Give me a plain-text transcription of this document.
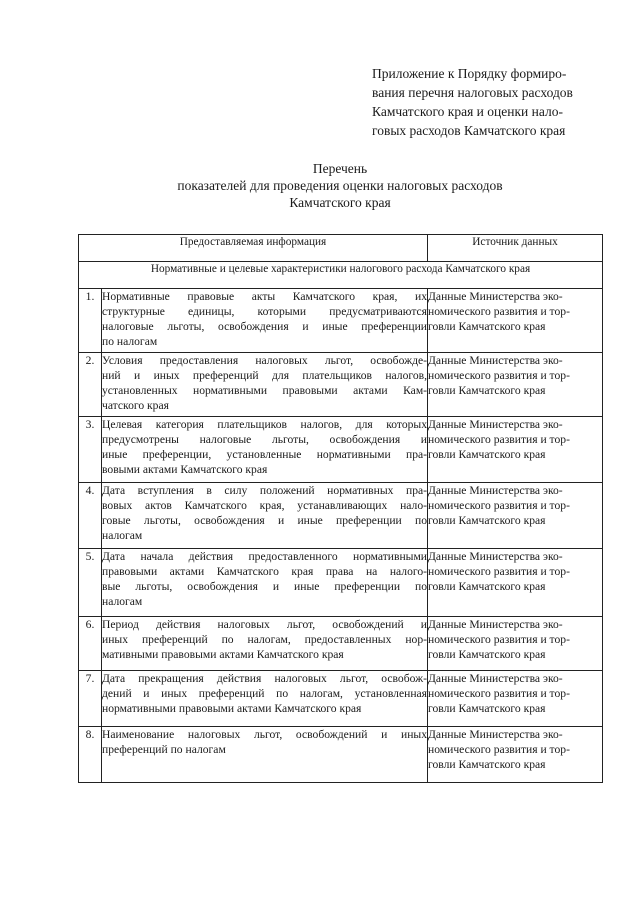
Приложение к Порядку формиро-
вания перечня налоговых расходов
Камчатского края и оценки нало-
говых расходов Камчатского края
Перечень
показателей для проведения оценки налоговых расходов
Камчатского края
Предоставляемая информация		Источник данных
Нормативные и целевые характеристики налогового расхода Камчатского края		
1.	Нормативные правовые акты Камчатского края, их
структурные единицы, которыми предусматриваются
налоговые льготы, освобождения и иные преференции
по налогам	Данные Министерства эко-
номического развития и тор-
говли Камчатского края

2.	Условия предоставления налоговых льгот, освобожде-
ний и иных преференций для плательщиков налогов,
установленных нормативными правовыми актами Кам-
чатского края	Данные Министерства эко-
номического развития и тор-
говли Камчатского края

3.	Целевая категория плательщиков налогов, для которых
предусмотрены налоговые льготы, освобождения и
иные преференции, установленные нормативными пра-
вовыми актами Камчатского края	Данные Министерства эко-
номического развития и тор-
говли Камчатского края

4.	Дата вступления в силу положений нормативных пра-
вовых актов Камчатского края, устанавливающих нало-
говые льготы, освобождения и иные преференции по
налогам	Данные Министерства эко-
номического развития и тор-
говли Камчатского края

5.	Дата начала действия предоставленного нормативными
правовыми актами Камчатского края права на налого-
вые льготы, освобождения и иные преференции по
налогам	Данные Министерства эко-
номического развития и тор-
говли Камчатского края

6.	Период действия налоговых льгот, освобождений и
иных преференций по налогам, предоставленных нор-
мативными правовыми актами Камчатского края	Данные Министерства эко-
номического развития и тор-
говли Камчатского края

7.	Дата прекращения действия налоговых льгот, освобож-
дений и иных преференций по налогам, установленная
нормативными правовыми актами Камчатского края	Данные Министерства эко-
номического развития и тор-
говли Камчатского края

8.	Наименование налоговых льгот, освобождений и иных
преференций по налогам	Данные Министерства эко-
номического развития и тор-
говли Камчатского края
